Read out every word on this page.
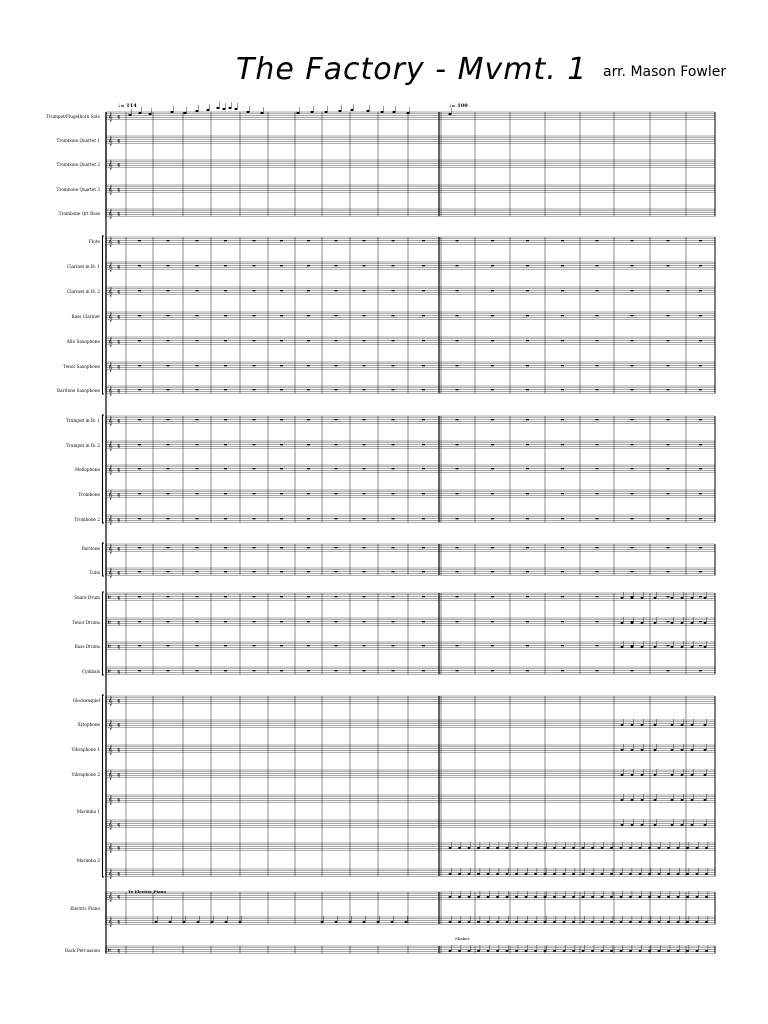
The Factory - Mvmt. 1 arr. Mason Fowler
♩= 114	♩= 100
To Electric Piano
Shaker
Trumpet/Flugelhorn Solo
Trombone Quartet 1
Trombone Quartet 2
Trombone Quartet 3
Trombone Qrt Bass
Flute
Clarinet in B♭ 1
Clarinet in B♭ 2
Bass Clarinet
Alto Saxophone
Tenor Saxophone
Baritone Saxophone
Trumpet in B♭ 1
Trumpet in B♭ 2
Mellophone
Trombone
Trombone 2
Baritone
Tuba
Snare Drum
Tenor Drums
Bass Drums
Cymbals
Glockenspiel
Xylophone
Vibraphone 1
Vibraphone 2
Marimba 1
Marimba 2
Electric Piano
Rack Percussion
𝄞 4
𝄞 4
𝄞 4
𝄞 4
𝄞 4
𝄞 4
𝄞 4
𝄞 4
𝄞 4
𝄞 4
𝄞 4
𝄞 4
𝄞 4
𝄞 4
𝄞 4
𝄞 4
𝄞 4
𝄞 4
𝄞 4
𝄥 4
𝄥 4
𝄥 4
𝄥 4
𝄞 4
𝄞 4
𝄞 4
𝄞 4
𝄞 4
𝄞 4
𝄞 4
𝄞 4
𝄞 4
𝄞 4
𝄥 4
